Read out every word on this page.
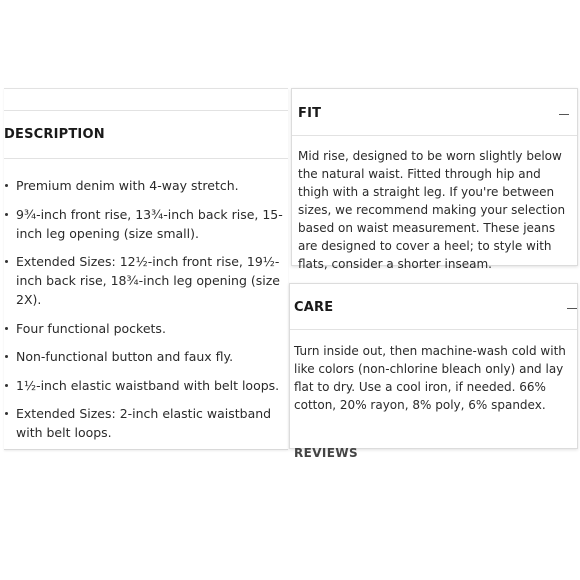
DESCRIPTION
Premium denim with 4-way stretch.
9¾-inch front rise, 13¾-inch back rise, 15-inch leg opening (size small).
Extended Sizes: 12½-inch front rise, 19½-inch back rise, 18¾-inch leg opening (size 2X).
Four functional pockets.
Non-functional button and faux fly.
1½-inch elastic waistband with belt loops.
Extended Sizes: 2-inch elastic waistband with belt loops.
FIT
Mid rise, designed to be worn slightly below the natural waist. Fitted through hip and thigh with a straight leg. If you're between sizes, we recommend making your selection based on waist measurement. These jeans are designed to cover a heel; to style with flats, consider a shorter inseam.
CARE
Turn inside out, then machine-wash cold with like colors (non-chlorine bleach only) and lay flat to dry. Use a cool iron, if needed. 66% cotton, 20% rayon, 8% poly, 6% spandex.
REVIEWS
